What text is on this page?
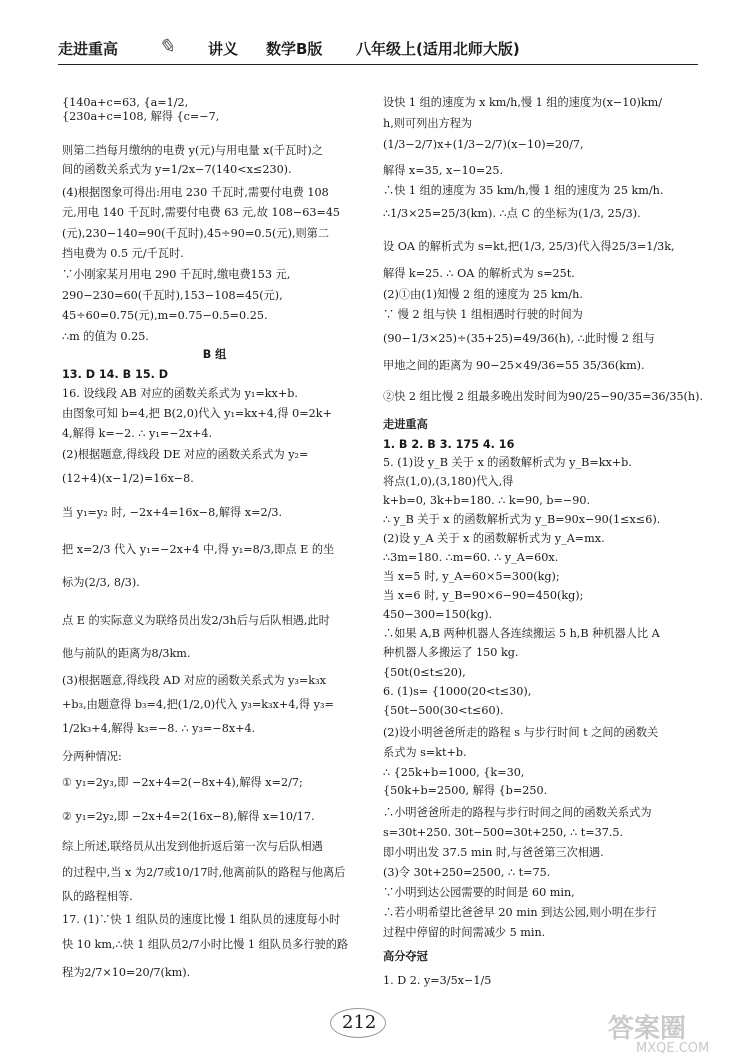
走进重高 ✎ 讲义 数学B版 八年级上(适用北师大版)

{140a+c=63, {a=1/2,

{230a+c=108, 解得 {c=−7,

则第二挡每月缴纳的电费 y(元)与用电量 x(千瓦时)之

间的函数关系式为 y=1/2x−7(140<x≤230).

(4)根据图象可得出:用电 230 千瓦时,需要付电费 108

元,用电 140 千瓦时,需要付电费 63 元,故 108−63=45

(元),230−140=90(千瓦时),45÷90=0.5(元),则第二

挡电费为 0.5 元/千瓦时.

∵小刚家某月用电 290 千瓦时,缴电费153 元,

290−230=60(千瓦时),153−108=45(元),

45÷60=0.75(元),m=0.75−0.5=0.25.

∴m 的值为 0.25.

B 组

13. D 14. B 15. D

16. 设线段 AB 对应的函数关系式为 y₁=kx+b.

由图象可知 b=4,把 B(2,0)代入 y₁=kx+4,得 0=2k+

4,解得 k=−2. ∴ y₁=−2x+4.

(2)根据题意,得线段 DE 对应的函数关系式为 y₂=

(12+4)(x−1/2)=16x−8.

当 y₁=y₂ 时, −2x+4=16x−8,解得 x=2/3.

把 x=2/3 代入 y₁=−2x+4 中,得 y₁=8/3,即点 E 的坐

标为(2/3, 8/3).

点 E 的实际意义为联络员出发2/3h后与后队相遇,此时

他与前队的距离为8/3km.

(3)根据题意,得线段 AD 对应的函数关系式为 y₃=k₃x

+b₃,由题意得 b₃=4,把(1/2,0)代入 y₃=k₃x+4,得 y₃=

1/2k₃+4,解得 k₃=−8. ∴ y₃=−8x+4.

分两种情况:

① y₁=2y₃,即 −2x+4=2(−8x+4),解得 x=2/7;

② y₁=2y₂,即 −2x+4=2(16x−8),解得 x=10/17.

综上所述,联络员从出发到他折返后第一次与后队相遇

的过程中,当 x 为2/7或10/17时,他离前队的路程与他离后

队的路程相等.

17. (1)∵快 1 组队员的速度比慢 1 组队员的速度每小时

快 10 km,∴快 1 组队员2/7小时比慢 1 组队员多行驶的路

程为2/7×10=20/7(km).

设快 1 组的速度为 x km/h,慢 1 组的速度为(x−10)km/

h,则可列出方程为

(1/3−2/7)x+(1/3−2/7)(x−10)=20/7,

解得 x=35, x−10=25.

∴快 1 组的速度为 35 km/h,慢 1 组的速度为 25 km/h.

∴1/3×25=25/3(km). ∴点 C 的坐标为(1/3, 25/3).

设 OA 的解析式为 s=kt,把(1/3, 25/3)代入得25/3=1/3k,

解得 k=25. ∴ OA 的解析式为 s=25t.

(2)①由(1)知慢 2 组的速度为 25 km/h.

∵ 慢 2 组与快 1 组相遇时行驶的时间为

(90−1/3×25)÷(35+25)=49/36(h), ∴此时慢 2 组与

甲地之间的距离为 90−25×49/36=55 35/36(km).

②快 2 组比慢 2 组最多晚出发时间为90/25−90/35=36/35(h).

走进重高

1. B 2. B 3. 175 4. 16

5. (1)设 y_B 关于 x 的函数解析式为 y_B=kx+b.

将点(1,0),(3,180)代入,得

k+b=0, 3k+b=180. ∴ k=90, b=−90.

∴ y_B 关于 x 的函数解析式为 y_B=90x−90(1≤x≤6).

(2)设 y_A 关于 x 的函数解析式为 y_A=mx.

∴3m=180. ∴m=60. ∴ y_A=60x.

当 x=5 时, y_A=60×5=300(kg);

当 x=6 时, y_B=90×6−90=450(kg);

450−300=150(kg).

∴如果 A,B 两种机器人各连续搬运 5 h,B 种机器人比 A

种机器人多搬运了 150 kg.

{50t(0≤t≤20),

6. (1)s= {1000(20<t≤30),

{50t−500(30<t≤60).

(2)设小明爸爸所走的路程 s 与步行时间 t 之间的函数关

系式为 s=kt+b.

∴ {25k+b=1000, {k=30,

{50k+b=2500, 解得 {b=250.

∴小明爸爸所走的路程与步行时间之间的函数关系式为

s=30t+250. 30t−500=30t+250, ∴ t=37.5.

即小明出发 37.5 min 时,与爸爸第三次相遇.

(3)令 30t+250=2500, ∴ t=75.

∵小明到达公园需要的时间是 60 min,

∴若小明希望比爸爸早 20 min 到达公园,则小明在步行

过程中停留的时间需减少 5 min.

高分夺冠

1. D 2. y=3/5x−1/5

212	答案圈
MXQE.COM
